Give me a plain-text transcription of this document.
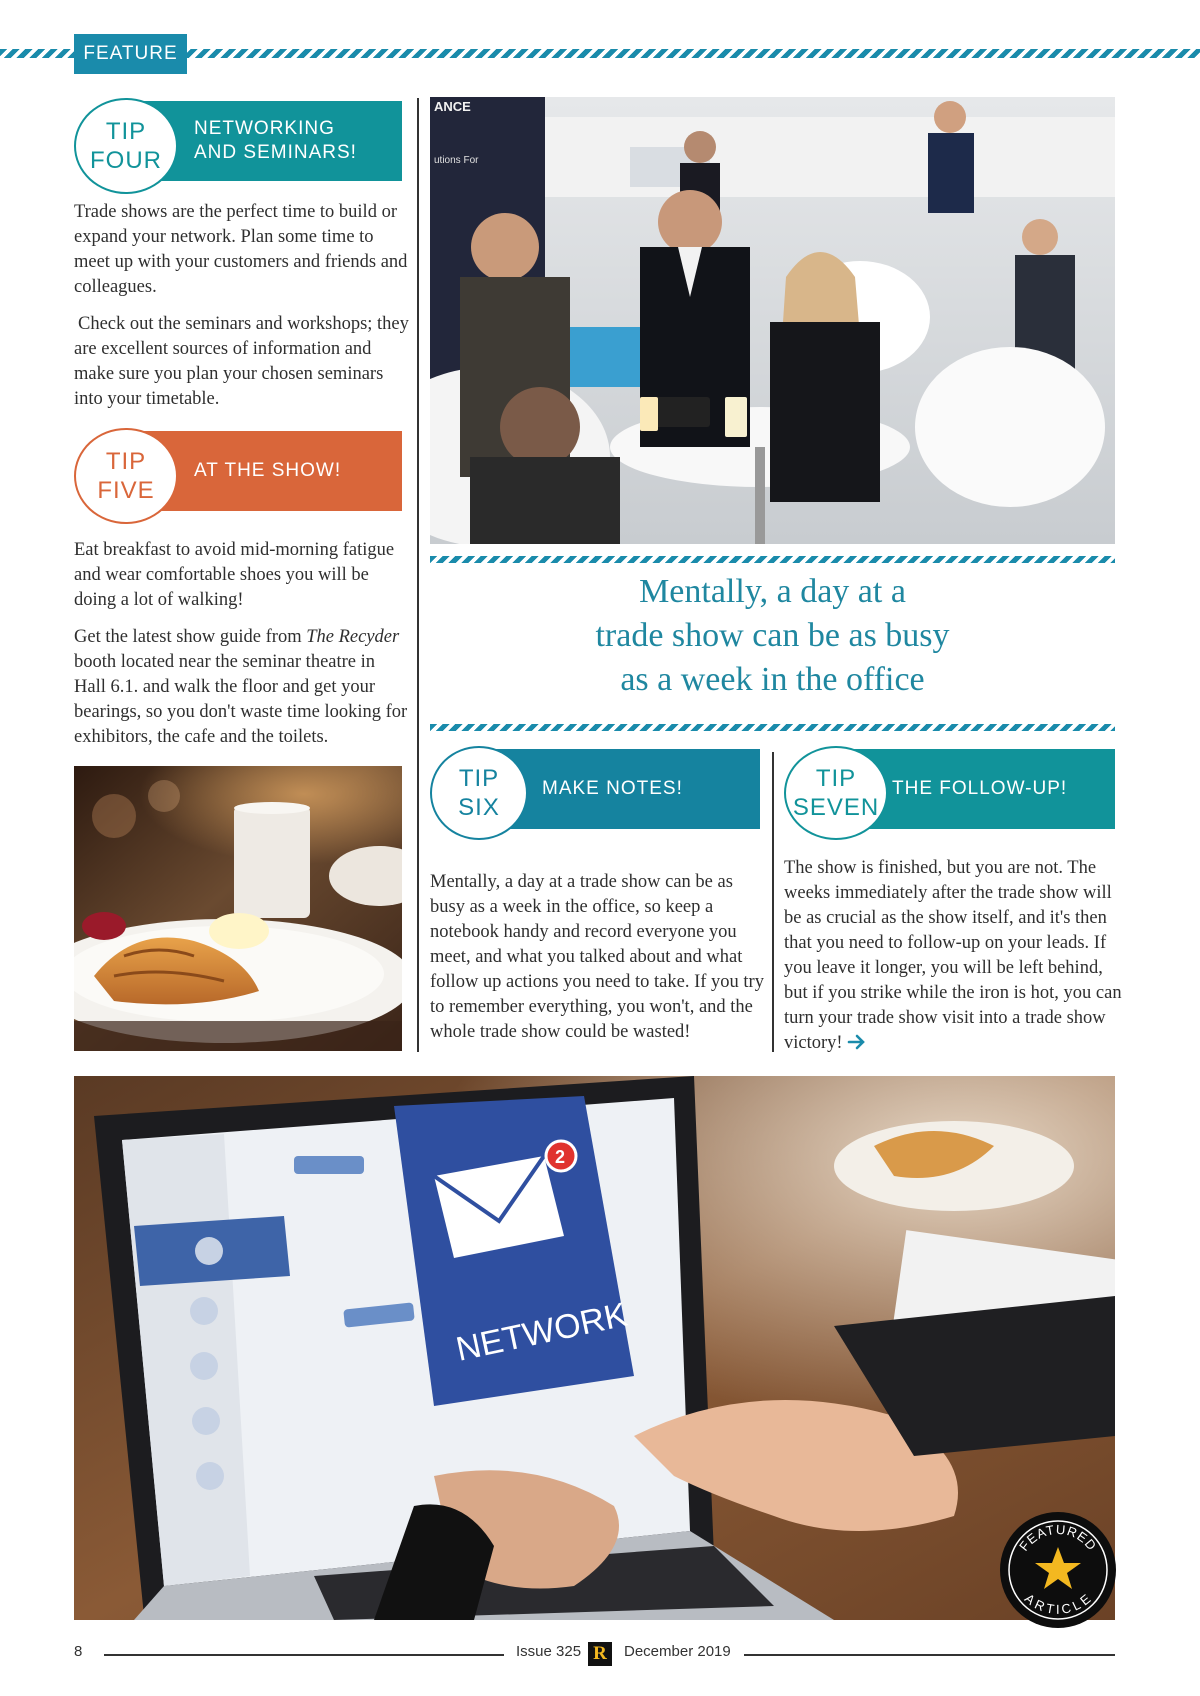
FEATURE
NETWORKING
AND SEMINARS!
TIP
FOUR

Trade shows are the perfect time to build or expand your network. Plan some time to meet up with your customers and friends and colleagues.

Check out the seminars and workshops; they are excellent sources of information and make sure you plan your chosen seminars into your timetable.

AT THE SHOW!
TIP
FIVE

Eat breakfast to avoid mid-morning fatigue and wear comfortable shoes you will be doing a lot of walking!

Get the latest show guide from The Recyder booth located near the seminar theatre in Hall 6.1. and walk the floor and get your bearings, so you don't waste time looking for exhibitors, the cafe and the toilets.

ANCE
utions For
Mentally, a day at a
trade show can be as busy
as a week in the office
MAKE NOTES!
TIP
SIX

Mentally, a day at a trade show can be as busy as a week in the office, so keep a notebook handy and record everyone you meet, and what you talked about and what follow up actions you need to take. If you try to remember everything, you won't, and the whole trade show could be wasted!

THE FOLLOW-UP!
TIP
SEVEN

The show is finished, but you are not. The weeks immediately after the trade show will be as crucial as the show itself, and it's then that you need to follow-up on your leads. If you leave it longer, you will be left behind, but if you strike while the iron is hot, you can turn your trade show visit into a trade show victory!

2
NETWORK
FEATURED
ARTICLE
8	Issue 325 R	December 2019
